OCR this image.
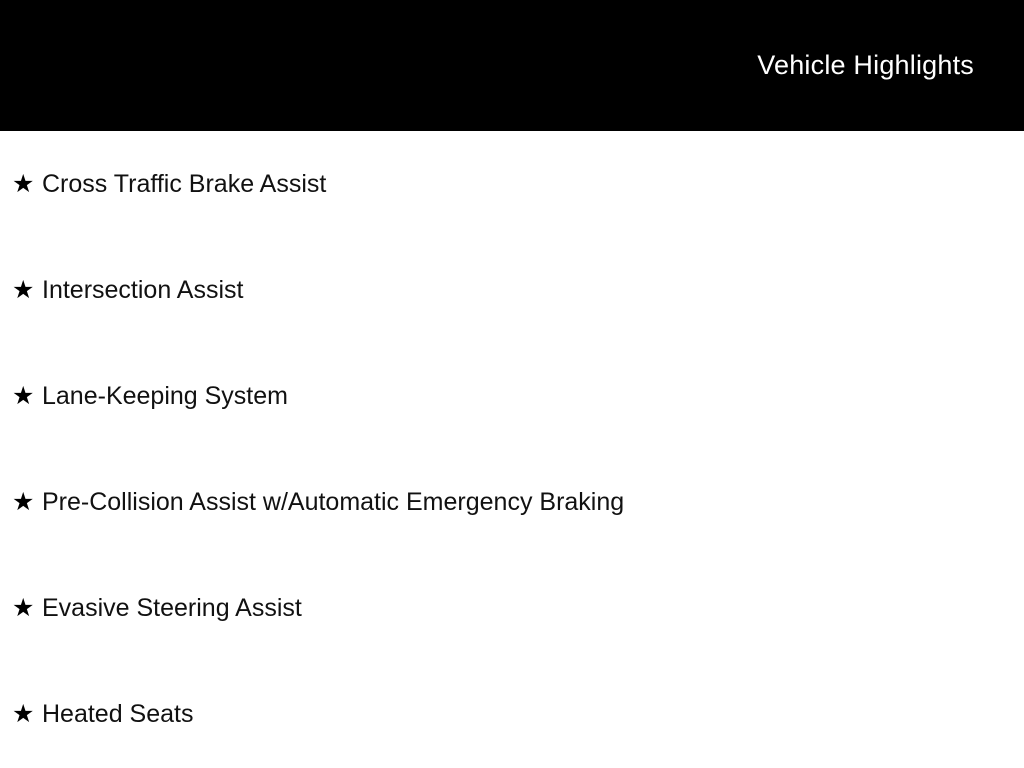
Vehicle Highlights
★ Cross Traffic Brake Assist
★ Intersection Assist
★ Lane-Keeping System
★ Pre-Collision Assist w/Automatic Emergency Braking
★ Evasive Steering Assist
★ Heated Seats
